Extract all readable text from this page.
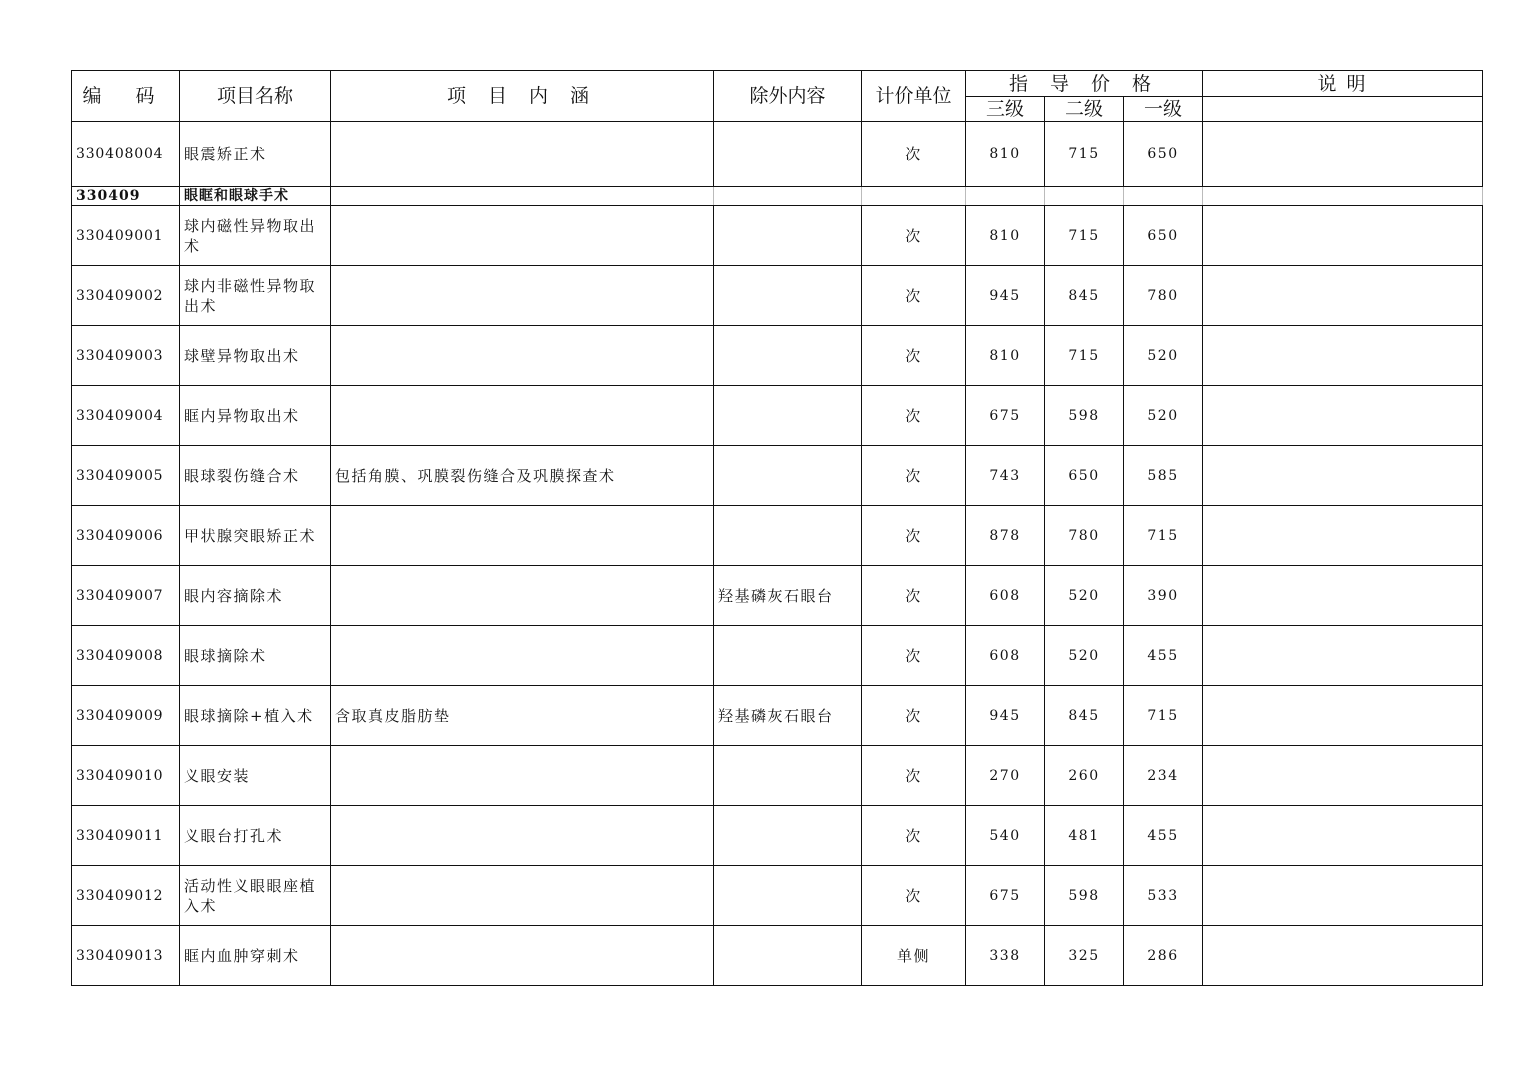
编 码	项目名称	项 目 内 涵	除外内容	计价单位	指 导 价 格			说 明
					三级	二级	一级	
330408004	眼震矫正术			次	810	715	650	
330409	眼眶和眼球手术							
330409001	球内磁性异物取出术			次	810	715	650	
330409002	球内非磁性异物取出术			次	945	845	780	
330409003	球壁异物取出术			次	810	715	520	
330409004	眶内异物取出术			次	675	598	520	
330409005	眼球裂伤缝合术	包括角膜、巩膜裂伤缝合及巩膜探查术		次	743	650	585	
330409006	甲状腺突眼矫正术			次	878	780	715	
330409007	眼内容摘除术		羟基磷灰石眼台	次	608	520	390	
330409008	眼球摘除术			次	608	520	455	
330409009	眼球摘除+植入术	含取真皮脂肪垫	羟基磷灰石眼台	次	945	845	715	
330409010	义眼安装			次	270	260	234	
330409011	义眼台打孔术			次	540	481	455	
330409012	活动性义眼眼座植入术			次	675	598	533	
330409013	眶内血肿穿刺术			单侧	338	325	286	
